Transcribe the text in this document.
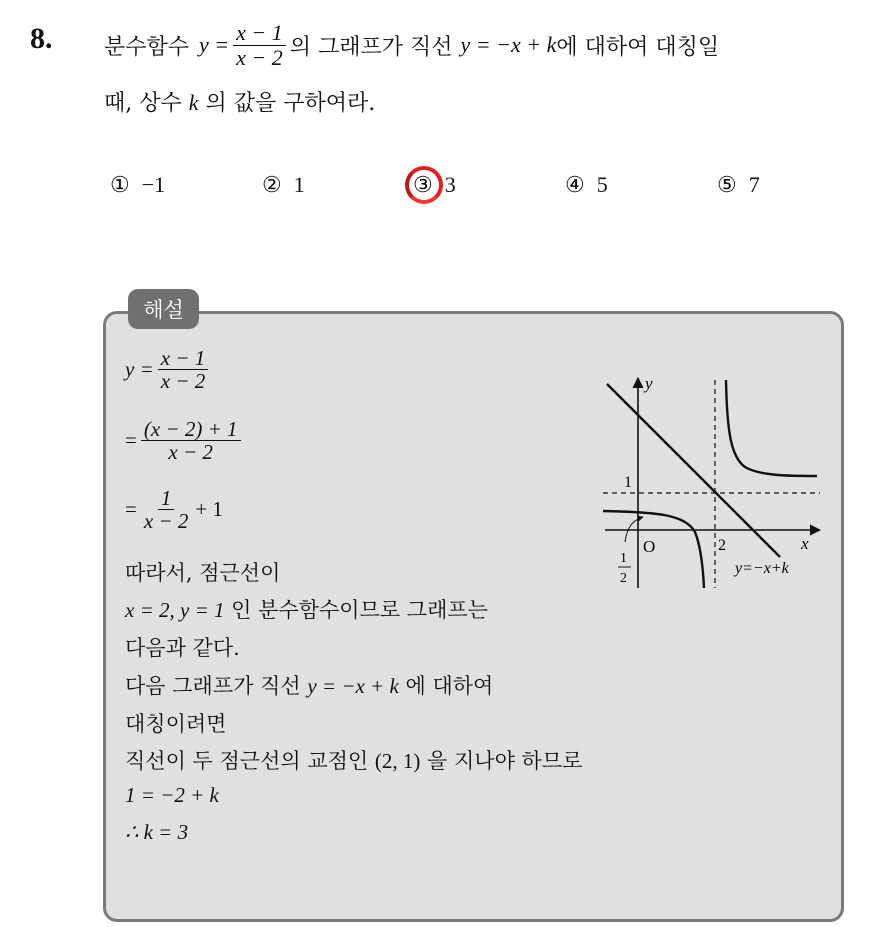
8. 분수함수 $y = \frac{x - 1}{x - 2}$ 의 그래프가 직선 y = −x + k 에 대하여 대칭일
때, 상수 k 의 값을 구하여라.
① −1	② 1	③ 3	④ 5	⑤ 7
해설
$y = \frac{x - 1}{x - 2}$
= $\frac{(x - 2) + 1}{x - 2}$
= $\frac{1}{x - 2} + 1$
따라서, 점근선이
x = 2, y = 1 인 분수함수이므로 그래프는
다음과 같다.
다음 그래프가 직선 y = −x + k 에 대하여
대칭이려면
직선이 두 점근선의 교점인 (2, 1) 을 지나야 하므로
1 = −2 + k
∴ k = 3
y
x
O	2
1
1
2
y=−x+k
